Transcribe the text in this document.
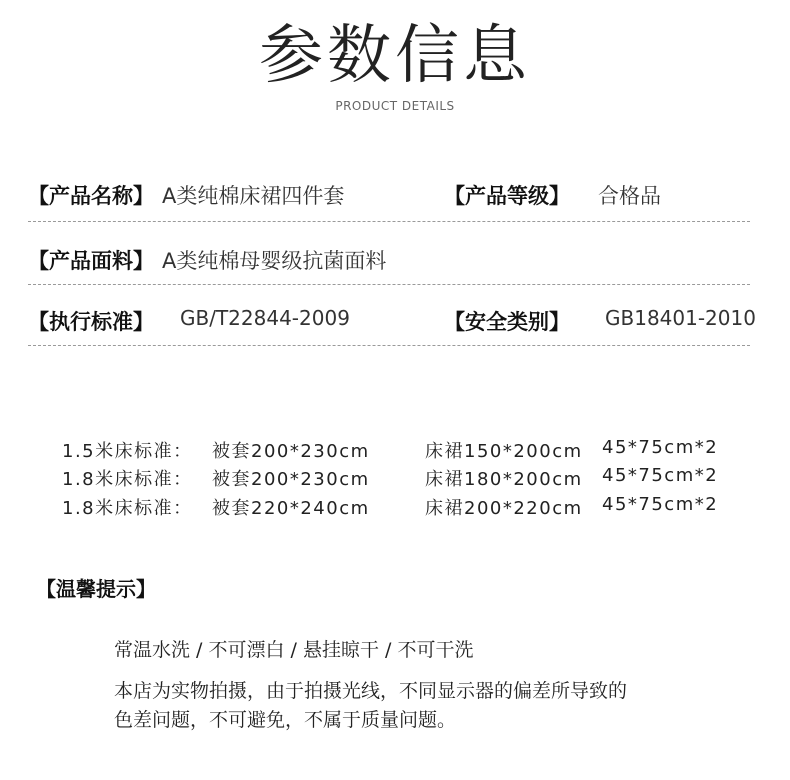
参数信息
PRODUCT DETAILS
【产品名称】 A类纯棉床裙四件套	【产品等级】 合格品
【产品面料】 A类纯棉母婴级抗菌面料
【执行标准】 GB/T22844-2009	【安全类别】 GB18401-2010
1.5米床标准： 被套200*230cm	床裙150*200cm 45*75cm*2
1.8米床标准： 被套200*230cm	床裙180*200cm 45*75cm*2
1.8米床标准： 被套220*240cm	床裙200*220cm 45*75cm*2
【温馨提示】
常温水洗 / 不可漂白 / 悬挂晾干 / 不可干洗
本店为实物拍摄，由于拍摄光线，不同显示器的偏差所导致的
色差问题，不可避免，不属于质量问题。
